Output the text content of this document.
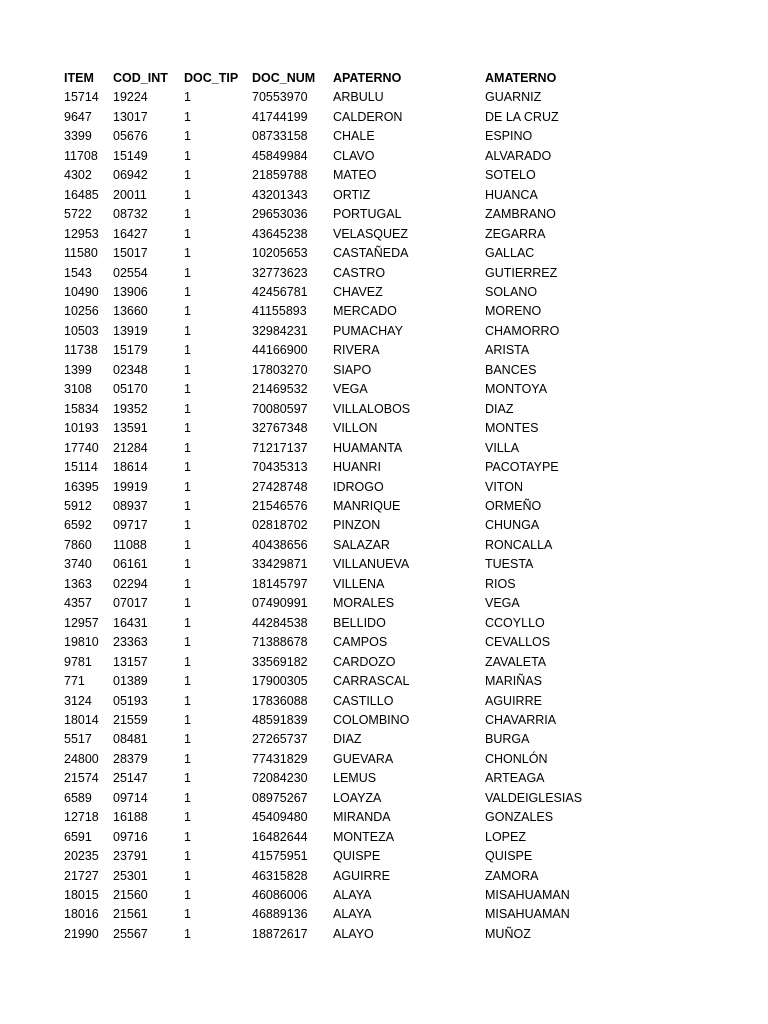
ITEM	COD_INT	DOC_TIP	DOC_NUM	APATERNO	AMATERNO
15714	19224	1	70553970	ARBULU	GUARNIZ
9647	13017	1	41744199	CALDERON	DE LA CRUZ
3399	05676	1	08733158	CHALE	ESPINO
11708	15149	1	45849984	CLAVO	ALVARADO
4302	06942	1	21859788	MATEO	SOTELO
16485	20011	1	43201343	ORTIZ	HUANCA
5722	08732	1	29653036	PORTUGAL	ZAMBRANO
12953	16427	1	43645238	VELASQUEZ	ZEGARRA
11580	15017	1	10205653	CASTAÑEDA	GALLAC
1543	02554	1	32773623	CASTRO	GUTIERREZ
10490	13906	1	42456781	CHAVEZ	SOLANO
10256	13660	1	41155893	MERCADO	MORENO
10503	13919	1	32984231	PUMACHAY	CHAMORRO
11738	15179	1	44166900	RIVERA	ARISTA
1399	02348	1	17803270	SIAPO	BANCES
3108	05170	1	21469532	VEGA	MONTOYA
15834	19352	1	70080597	VILLALOBOS	DIAZ
10193	13591	1	32767348	VILLON	MONTES
17740	21284	1	71217137	HUAMANTA	VILLA
15114	18614	1	70435313	HUANRI	PACOTAYPE
16395	19919	1	27428748	IDROGO	VITON
5912	08937	1	21546576	MANRIQUE	ORMEÑO
6592	09717	1	02818702	PINZON	CHUNGA
7860	11088	1	40438656	SALAZAR	RONCALLA
3740	06161	1	33429871	VILLANUEVA	TUESTA
1363	02294	1	18145797	VILLENA	RIOS
4357	07017	1	07490991	MORALES	VEGA
12957	16431	1	44284538	BELLIDO	CCOYLLO
19810	23363	1	71388678	CAMPOS	CEVALLOS
9781	13157	1	33569182	CARDOZO	ZAVALETA
771	01389	1	17900305	CARRASCAL	MARIÑAS
3124	05193	1	17836088	CASTILLO	AGUIRRE
18014	21559	1	48591839	COLOMBINO	CHAVARRIA
5517	08481	1	27265737	DIAZ	BURGA
24800	28379	1	77431829	GUEVARA	CHONLÓN
21574	25147	1	72084230	LEMUS	ARTEAGA
6589	09714	1	08975267	LOAYZA	VALDEIGLESIAS
12718	16188	1	45409480	MIRANDA	GONZALES
6591	09716	1	16482644	MONTEZA	LOPEZ
20235	23791	1	41575951	QUISPE	QUISPE
21727	25301	1	46315828	AGUIRRE	ZAMORA
18015	21560	1	46086006	ALAYA	MISAHUAMAN
18016	21561	1	46889136	ALAYA	MISAHUAMAN
21990	25567	1	18872617	ALAYO	MUÑOZ
